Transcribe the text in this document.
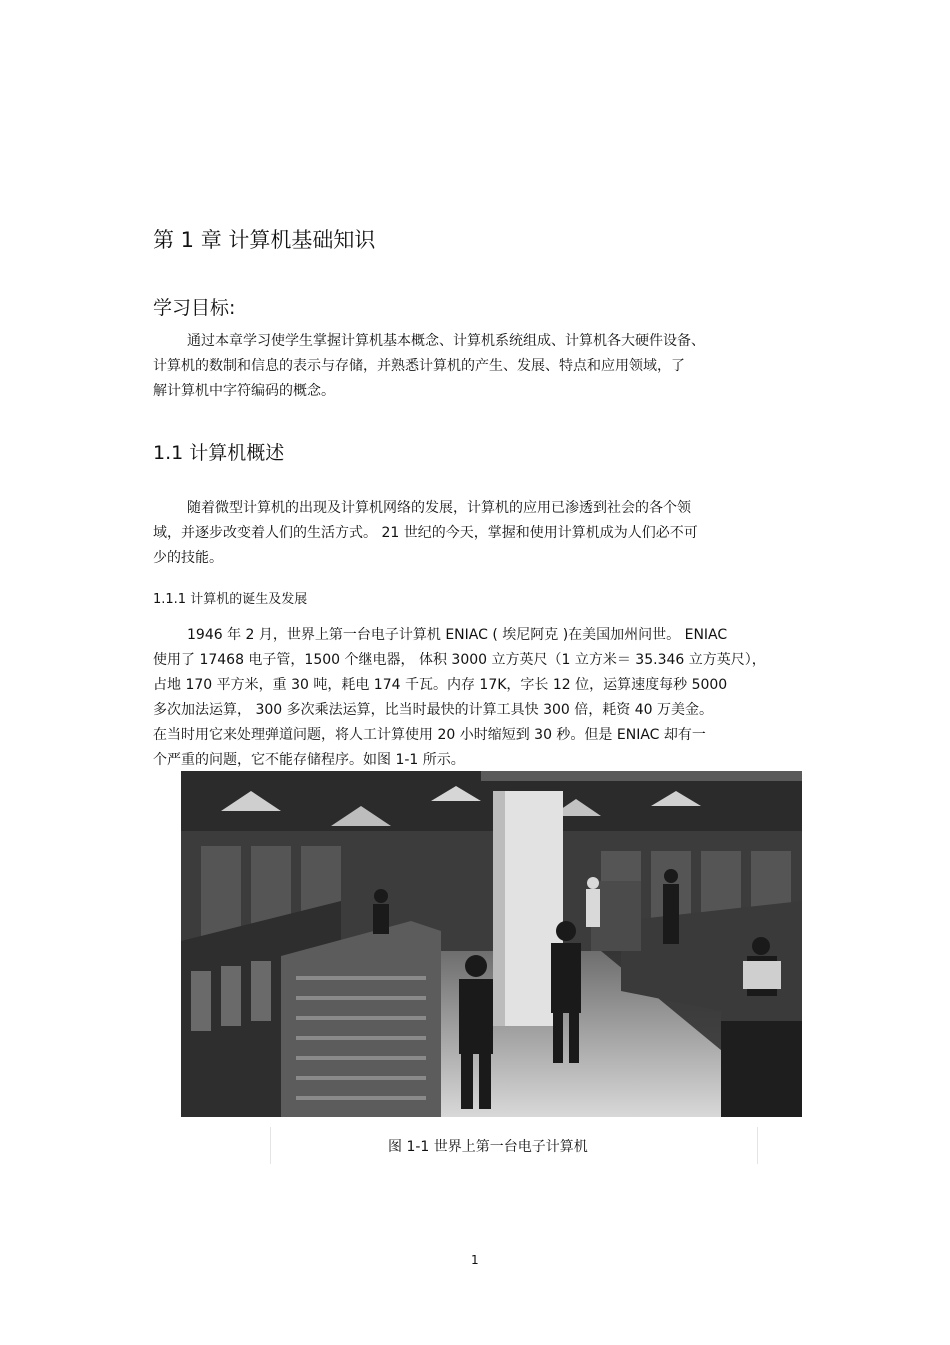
第 1 章 计算机基础知识
学习目标:
通过本章学习使学生掌握计算机基本概念、计算机系统组成、计算机各大硬件设备、
计算机的数制和信息的表示与存储，并熟悉计算机的产生、发展、特点和应用领域，了
解计算机中字符编码的概念。
1.1 计算机概述
随着微型计算机的出现及计算机网络的发展，计算机的应用已渗透到社会的各个领
域，并逐步改变着人们的生活方式。 21 世纪的今天，掌握和使用计算机成为人们必不可
少的技能。
1.1.1 计算机的诞生及发展
1946 年 2 月，世界上第一台电子计算机 ENIAC ( 埃尼阿克 )在美国加州问世。 ENIAC
使用了 17468 电子管，1500 个继电器， 体积 3000 立方英尺（1 立方米＝ 35.346 立方英尺），
占地 170 平方米，重 30 吨，耗电 174 千瓦。内存 17K，字长 12 位，运算速度每秒 5000
多次加法运算， 300 多次乘法运算，比当时最快的计算工具快 300 倍，耗资 40 万美金。
在当时用它来处理弹道问题，将人工计算使用 20 小时缩短到 30 秒。但是 ENIAC 却有一
个严重的问题，它不能存储程序。如图 1-1 所示。
图 1-1 世界上第一台电子计算机
1
